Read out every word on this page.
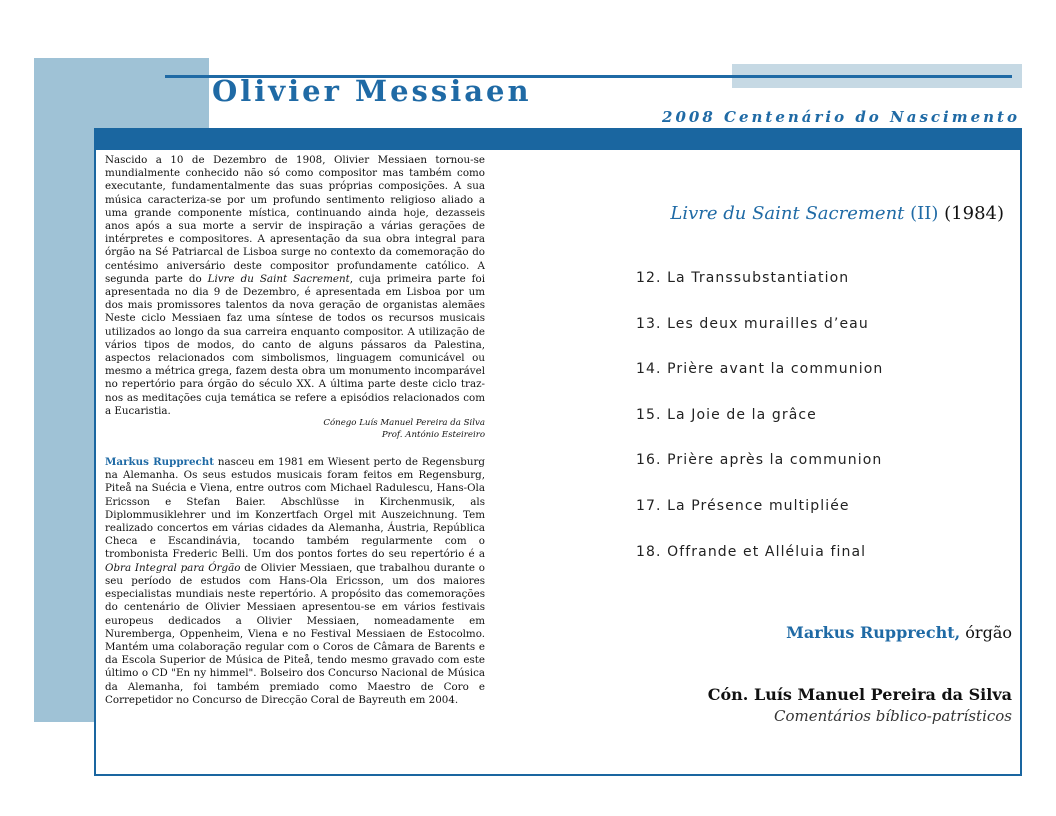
Olivier Messiaen
2008 Centenário do Nascimento

Nascido a 10 de Dezembro de 1908, Olivier Messiaen tornou-se mundialmente conhecido não só como compositor mas também como executante, fundamentalmente das suas próprias composições. A sua música caracteriza-se por um profundo sentimento religioso aliado a uma grande componente mística, continuando ainda hoje, dezasseis anos após a sua morte a servir de inspiração a várias gerações de intérpretes e compositores. A apresentação da sua obra integral para órgão na Sé Patriarcal de Lisboa surge no contexto da comemoração do centésimo aniversário deste compositor profundamente católico. A segunda parte do Livre du Saint Sacrement, cuja primeira parte foi apresentada no dia 9 de Dezembro, é apresentada em Lisboa por um dos mais promissores talentos da nova geração de organistas alemães Neste ciclo Messiaen faz uma síntese de todos os recursos musicais utilizados ao longo da sua carreira enquanto compositor. A utilização de vários tipos de modos, do canto de alguns pássaros da Palestina, aspectos relacionados com simbolismos, linguagem comunicável ou mesmo a métrica grega, fazem desta obra um monumento incomparável no repertório para órgão do século XX. A última parte deste ciclo traz-nos as meditações cuja temática se refere a episódios relacionados com a Eucaristia.

Cónego Luís Manuel Pereira da Silva
Prof. António Esteireiro

Markus Rupprecht nasceu em 1981 em Wiesent perto de Regensburg na Alemanha. Os seus estudos musicais foram feitos em Regensburg, Piteå na Suécia e Viena, entre outros com Michael Radulescu, Hans-Ola Ericsson e Stefan Baier. Abschlüsse in Kirchenmusik, als Diplommusiklehrer und im Konzertfach Orgel mit Auszeichnung. Tem realizado concertos em várias cidades da Alemanha, Áustria, República Checa e Escandinávia, tocando também regularmente com o trombonista Frederic Belli. Um dos pontos fortes do seu repertório é a Obra Integral para Órgão de Olivier Messiaen, que trabalhou durante o seu período de estudos com Hans-Ola Ericsson, um dos maiores especialistas mundiais neste repertório. A propósito das comemorações do centenário de Olivier Messiaen apresentou-se em vários festivais europeus dedicados a Olivier Messiaen, nomeadamente em Nuremberga, Oppenheim, Viena e no Festival Messiaen de Estocolmo. Mantém uma colaboração regular com o Coros de Câmara de Barents e da Escola Superior de Música de Piteå, tendo mesmo gravado com este último o CD "En ny himmel". Bolseiro dos Concurso Nacional de Música da Alemanha, foi também premiado como Maestro de Coro e Correpetidor no Concurso de Direcção Coral de Bayreuth em 2004.

Livre du Saint Sacrement (II) (1984)
12. La Transsubstantiation
13. Les deux murailles d’eau
14. Prière avant la communion
15. La Joie de la grâce
16. Prière après la communion
17. La Présence multipliée
18. Offrande et Alléluia final
Markus Rupprecht, órgão
Cón. Luís Manuel Pereira da Silva
Comentários bíblico-patrísticos
